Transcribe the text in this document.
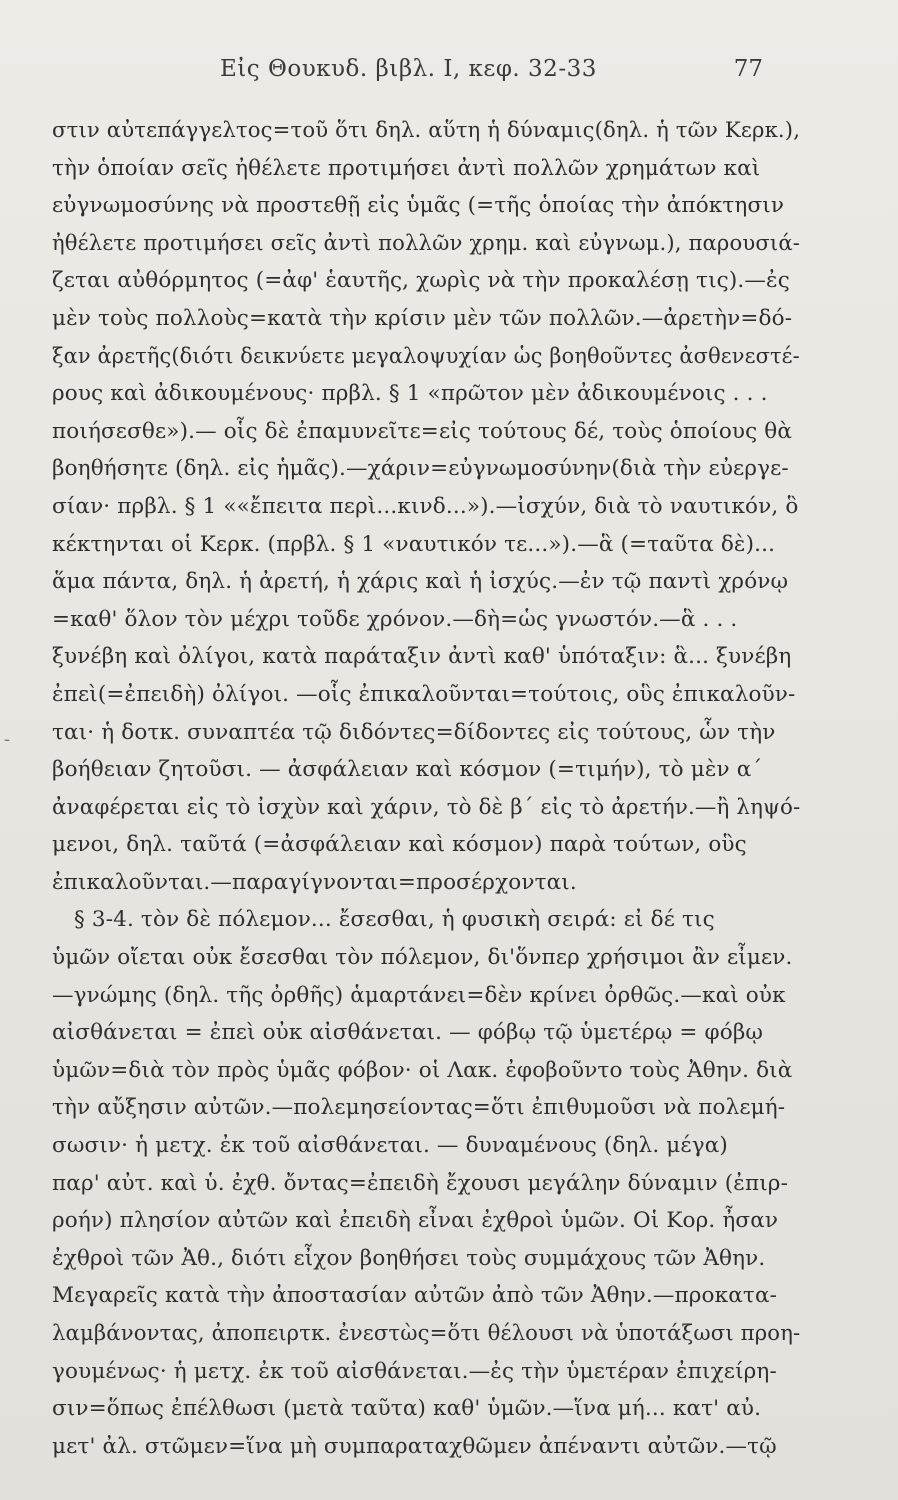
Εἰς Θουκυδ. βιβλ. Ι, κεφ. 32-33	77
στιν αὐτεπάγγελτος=τοῦ ὅτι δηλ. αὕτη ἡ δύναμις(δηλ. ἡ τῶν Κερκ.),
τὴν ὁποίαν σεῖς ἠθέλετε προτιμήσει ἀντὶ πολλῶν χρημάτων καὶ
εὐγνωμοσύνης νὰ προστεθῇ εἰς ὑμᾶς (=τῆς ὁποίας τὴν ἀπόκτησιν
ἠθέλετε προτιμήσει σεῖς ἀντὶ πολλῶν χρημ. καὶ εὐγνωμ.), παρουσιά-
ζεται αὐθόρμητος (=ἀφ' ἑαυτῆς, χωρὶς νὰ τὴν προκαλέσῃ τις).—ἐς
μὲν τοὺς πολλοὺς=κατὰ τὴν κρίσιν μὲν τῶν πολλῶν.—ἀρετὴν=δό-
ξαν ἀρετῆς(διότι δεικνύετε μεγαλοψυχίαν ὡς βοηθοῦντες ἀσθενεστέ-
ρους καὶ ἀδικουμένους· πρβλ. § 1 «πρῶτον μὲν ἀδικουμένοις . . .
ποιήσεσθε»).— οἷς δὲ ἐπαμυνεῖτε=εἰς τούτους δέ, τοὺς ὁποίους θὰ
βοηθήσητε (δηλ. εἰς ἡμᾶς).—χάριν=εὐγνωμοσύνην(διὰ τὴν εὐεργε-
σίαν· πρβλ. § 1 ««ἔπειτα περὶ...κινδ...»).—ἰσχύν, διὰ τὸ ναυτικόν, ὃ
κέκτηνται οἱ Κερκ. (πρβλ. § 1 «ναυτικόν τε...»).—ἃ (=ταῦτα δὲ)...
ἅμα πάντα, δηλ. ἡ ἀρετή, ἡ χάρις καὶ ἡ ἰσχύς.—ἐν τῷ παντὶ χρόνῳ
=καθ' ὅλον τὸν μέχρι τοῦδε χρόνον.—δὴ=ὡς γνωστόν.—ἃ . . .
ξυνέβη καὶ ὀλίγοι, κατὰ παράταξιν ἀντὶ καθ' ὑπόταξιν: ἃ... ξυνέβη
ἐπεὶ(=ἐπειδὴ) ὀλίγοι. —οἷς ἐπικαλοῦνται=τούτοις, οὓς ἐπικαλοῦν-
ται· ἡ δοτκ. συναπτέα τῷ διδόντες=δίδοντες εἰς τούτους, ὧν τὴν
βοήθειαν ζητοῦσι. — ἀσφάλειαν καὶ κόσμον (=τιμήν), τὸ μὲν α´
ἀναφέρεται εἰς τὸ ἰσχὺν καὶ χάριν, τὸ δὲ β´ εἰς τὸ ἀρετήν.—ἢ ληψό-
μενοι, δηλ. ταῦτά (=ἀσφάλειαν καὶ κόσμον) παρὰ τούτων, οὓς
ἐπικαλοῦνται.—παραγίγνονται=προσέρχονται.
§ 3-4. τὸν δὲ πόλεμον... ἔσεσθαι, ἡ φυσικὴ σειρά: εἰ δέ τις
ὑμῶν οἴεται οὐκ ἔσεσθαι τὸν πόλεμον, δι'ὅνπερ χρήσιμοι ἂν εἶμεν.
—γνώμης (δηλ. τῆς ὀρθῆς) ἁμαρτάνει=δὲν κρίνει ὀρθῶς.—καὶ οὐκ
αἰσθάνεται = ἐπεὶ οὐκ αἰσθάνεται. — φόβῳ τῷ ὑμετέρῳ = φόβῳ
ὑμῶν=διὰ τὸν πρὸς ὑμᾶς φόβον· οἱ Λακ. ἐφοβοῦντο τοὺς Ἀθην. διὰ
τὴν αὔξησιν αὐτῶν.—πολεμησείοντας=ὅτι ἐπιθυμοῦσι νὰ πολεμή-
σωσιν· ἡ μετχ. ἐκ τοῦ αἰσθάνεται. — δυναμένους (δηλ. μέγα)
παρ' αὐτ. καὶ ὑ. ἐχθ. ὄντας=ἐπειδὴ ἔχουσι μεγάλην δύναμιν (ἐπιρ-
ροήν) πλησίον αὐτῶν καὶ ἐπειδὴ εἶναι ἐχθροὶ ὑμῶν. Οἱ Κορ. ἦσαν
ἐχθροὶ τῶν Ἀθ., διότι εἶχον βοηθήσει τοὺς συμμάχους τῶν Ἀθην.
Μεγαρεῖς κατὰ τὴν ἀποστασίαν αὐτῶν ἀπὸ τῶν Ἀθην.—προκατα-
λαμβάνοντας, ἀποπειρτκ. ἐνεστὼς=ὅτι θέλουσι νὰ ὑποτάξωσι προη-
γουμένως· ἡ μετχ. ἐκ τοῦ αἰσθάνεται.—ἐς τὴν ὑμετέραν ἐπιχείρη-
σιν=ὅπως ἐπέλθωσι (μετὰ ταῦτα) καθ' ὑμῶν.—ἵνα μή... κατ' αὐ.
μετ' ἀλ. στῶμεν=ἵνα μὴ συμπαραταχθῶμεν ἀπέναντι αὐτῶν.—τῷ
-
